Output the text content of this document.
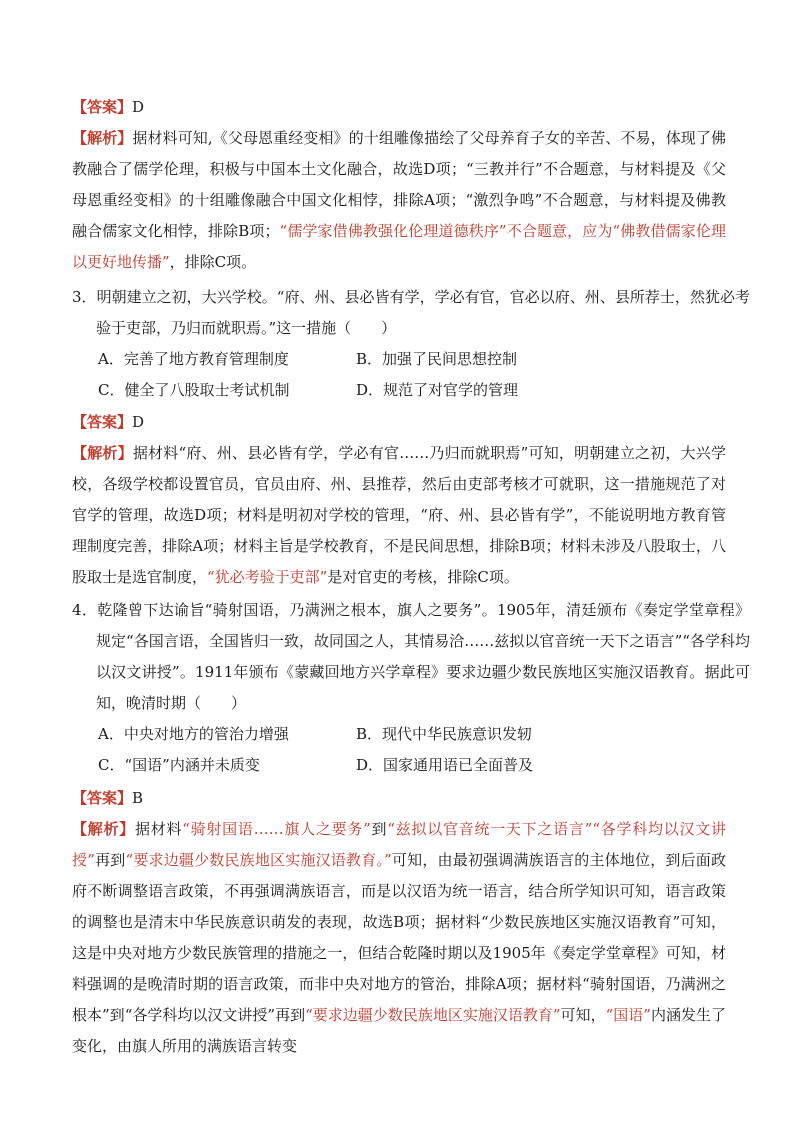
【答案】D
【解析】据材料可知,《父母恩重经变相》的十组雕像描绘了父母养育子女的辛苦、不易，体现了佛教融合了儒学伦理，积极与中国本土文化融合，故选D项；“三教并行”不合题意，与材料提及《父母恩重经变相》的十组雕像融合中国文化相悖，排除A项；“激烈争鸣”不合题意，与材料提及佛教融合儒家文化相悖，排除B项；“儒学家借佛教强化伦理道德秩序”不合题意，应为“佛教借儒家伦理以更好地传播”，排除C项。
3．明朝建立之初，大兴学校。“府、州、县必皆有学，学必有官，官必以府、州、县所荐士，然犹必考验于吏部，乃归而就职焉。”这一措施（　　）
A．完善了地方教育管理制度	B．加强了民间思想控制
C．健全了八股取士考试机制	D．规范了对官学的管理
【答案】D
【解析】据材料“府、州、县必皆有学，学必有官……乃归而就职焉”可知，明朝建立之初，大兴学校，各级学校都设置官员，官员由府、州、县推荐，然后由吏部考核才可就职，这一措施规范了对官学的管理，故选D项；材料是明初对学校的管理，“府、州、县必皆有学”，不能说明地方教育管理制度完善，排除A项；材料主旨是学校教育，不是民间思想，排除B项；材料未涉及八股取士，八股取士是选官制度，“犹必考验于吏部”是对官吏的考核，排除C项。
4．乾隆曾下达谕旨“骑射国语，乃满洲之根本，旗人之要务”。1905年，清廷颁布《奏定学堂章程》规定“各国言语，全国皆归一致，故同国之人，其情易洽……兹拟以官音统一天下之语言”“各学科均以汉文讲授”。1911年颁布《蒙藏回地方兴学章程》要求边疆少数民族地区实施汉语教育。据此可知，晚清时期（　　）
A．中央对地方的管治力增强	B．现代中华民族意识发轫
C．“国语”内涵并未质变	D．国家通用语已全面普及
【答案】B
【解析】据材料“骑射国语……旗人之要务”到“兹拟以官音统一天下之语言”“各学科均以汉文讲授”再到“要求边疆少数民族地区实施汉语教育。”可知，由最初强调满族语言的主体地位，到后面政府不断调整语言政策，不再强调满族语言，而是以汉语为统一语言，结合所学知识可知，语言政策的调整也是清末中华民族意识萌发的表现，故选B项；据材料“少数民族地区实施汉语教育”可知，这是中央对地方少数民族管理的措施之一，但结合乾隆时期以及1905年《奏定学堂章程》可知，材料强调的是晚清时期的语言政策，而非中央对地方的管治，排除A项；据材料“骑射国语，乃满洲之根本”到“各学科均以汉文讲授”再到“要求边疆少数民族地区实施汉语教育”可知，“国语”内涵发生了变化，由旗人所用的满族语言转变
